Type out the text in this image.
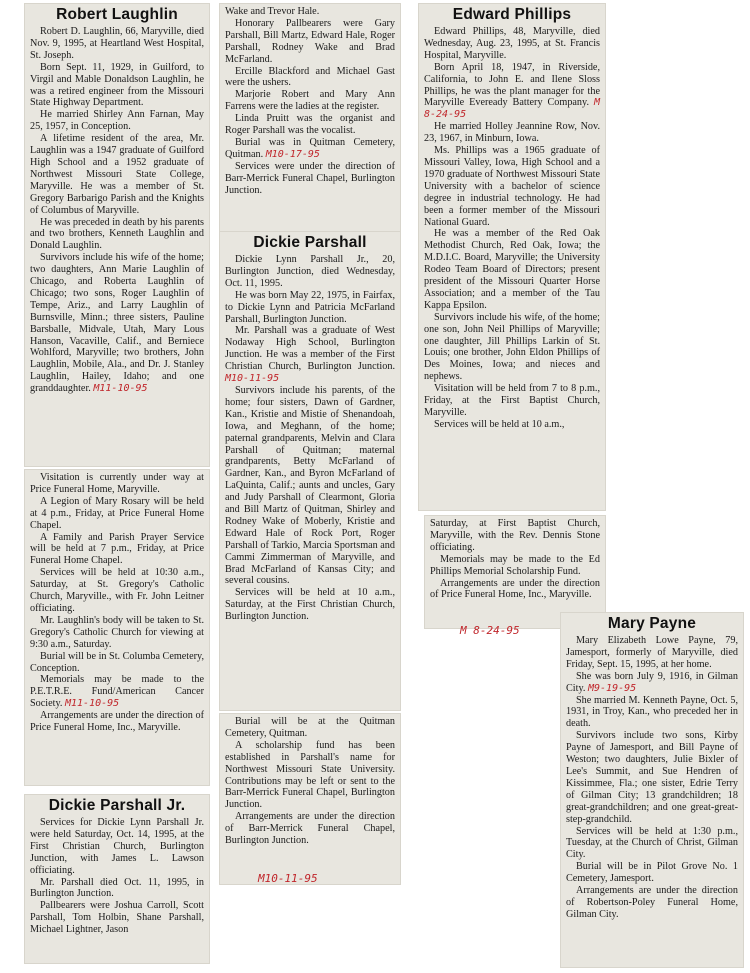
Robert Laughlin

Robert D. Laughlin, 66, Maryville, died Nov. 9, 1995, at Heartland West Hospital, St. Joseph.

Born Sept. 11, 1929, in Guilford, to Virgil and Mable Donaldson Laughlin, he was a retired engineer from the Missouri State Highway Department.

He married Shirley Ann Farnan, May 25, 1957, in Conception.

A lifetime resident of the area, Mr. Laughlin was a 1947 graduate of Guilford High School and a 1952 graduate of Northwest Missouri State College, Maryville. He was a member of St. Gregory Barbarigo Parish and the Knights of Columbus of Maryville.

He was preceded in death by his parents and two brothers, Kenneth Laughlin and Donald Laughlin.

Survivors include his wife of the home; two daughters, Ann Marie Laughlin of Chicago, and Roberta Laughlin of Chicago; two sons, Roger Laughlin of Tempe, Ariz., and Larry Laughlin of Burnsville, Minn.; three sisters, Pauline Barsballe, Midvale, Utah, Mary Lous Hanson, Vacaville, Calif., and Berniece Wohlford, Maryville; two brothers, John Laughlin, Mobile, Ala., and Dr. J. Stanley Laughlin, Hailey, Idaho; and one granddaughter. M11-10-95

Visitation is currently under way at Price Funeral Home, Maryville.

A Legion of Mary Rosary will be held at 4 p.m., Friday, at Price Funeral Home Chapel.

A Family and Parish Prayer Service will be held at 7 p.m., Friday, at Price Funeral Home Chapel.

Services will be held at 10:30 a.m., Saturday, at St. Gregory's Catholic Church, Maryville., with Fr. John Leitner officiating.

Mr. Laughlin's body will be taken to St. Gregory's Catholic Church for viewing at 9:30 a.m., Saturday.

Burial will be in St. Columba Cemetery, Conception.

Memorials may be made to the P.E.T.R.E. Fund/American Cancer Society. M11-10-95

Arrangements are under the direction of Price Funeral Home, Inc., Maryville.

Dickie Parshall Jr.

Services for Dickie Lynn Parshall Jr. were held Saturday, Oct. 14, 1995, at the First Christian Church, Burlington Junction, with James L. Lawson officiating.

Mr. Parshall died Oct. 11, 1995, in Burlington Junction.

Pallbearers were Joshua Carroll, Scott Parshall, Tom Holbin, Shane Parshall, Michael Lightner, Jason

Wake and Trevor Hale.

Honorary Pallbearers were Gary Parshall, Bill Martz, Edward Hale, Roger Parshall, Rodney Wake and Brad McFarland.

Ercille Blackford and Michael Gast were the ushers.

Marjorie Robert and Mary Ann Farrens were the ladies at the register.

Linda Pruitt was the organist and Roger Parshall was the vocalist.

Burial was in Quitman Cemetery, Quitman. M10-17-95

Services were under the direction of Barr-Merrick Funeral Chapel, Burlington Junction.

Dickie Parshall

Dickie Lynn Parshall Jr., 20, Burlington Junction, died Wednesday, Oct. 11, 1995.

He was born May 22, 1975, in Fairfax, to Dickie Lynn and Patricia McFarland Parshall, Burlington Junction.

Mr. Parshall was a graduate of West Nodaway High School, Burlington Junction. He was a member of the First Christian Church, Burlington Junction. M10-11-95

Survivors include his parents, of the home; four sisters, Dawn of Gardner, Kan., Kristie and Mistie of Shenandoah, Iowa, and Meghann, of the home; paternal grandparents, Melvin and Clara Parshall of Quitman; maternal grandparents, Betty McFarland of Gardner, Kan., and Byron McFarland of LaQuinta, Calif.; aunts and uncles, Gary and Judy Parshall of Clearmont, Gloria and Bill Martz of Quitman, Shirley and Rodney Wake of Moberly, Kristie and Edward Hale of Rock Port, Roger Parshall of Tarkio, Marcia Sportsman and Cammi Zimmerman of Maryville, and Brad McFarland of Kansas City; and several cousins.

Services will be held at 10 a.m., Saturday, at the First Christian Church, Burlington Junction.

Burial will be at the Quitman Cemetery, Quitman.

A scholarship fund has been established in Parshall's name for Northwest Missouri State University. Contributions may be left or sent to the Barr-Merrick Funeral Chapel, Burlington Junction.

Arrangements are under the direction of Barr-Merrick Funeral Chapel, Burlington Junction.

M10-11-95
Edward Phillips

Edward Phillips, 48, Maryville, died Wednesday, Aug. 23, 1995, at St. Francis Hospital, Maryville.

Born April 18, 1947, in Riverside, California, to John E. and Ilene Sloss Phillips, he was the plant manager for the Maryville Eveready Battery Company. M 8-24-95

He married Holley Jeannine Row, Nov. 23, 1967, in Minburn, Iowa.

Ms. Phillips was a 1965 graduate of Missouri Valley, Iowa, High School and a 1970 graduate of Northwest Missouri State University with a bachelor of science degree in industrial technology. He had been a former member of the Missouri National Guard.

He was a member of the Red Oak Methodist Church, Red Oak, Iowa; the M.D.I.C. Board, Maryville; the University Rodeo Team Board of Directors; present president of the Missouri Quarter Horse Association; and a member of the Tau Kappa Epsilon.

Survivors include his wife, of the home; one son, John Neil Phillips of Maryville; one daughter, Jill Phillips Larkin of St. Louis; one brother, John Eldon Phillips of Des Moines, Iowa; and nieces and nephews.

Visitation will be held from 7 to 8 p.m., Friday, at the First Baptist Church, Maryville.

Services will be held at 10 a.m.,

Saturday, at First Baptist Church, Maryville, with the Rev. Dennis Stone officiating.

Memorials may be made to the Ed Phillips Memorial Scholarship Fund.

Arrangements are under the direction of Price Funeral Home, Inc., Maryville.

M 8-24-95	Mary Payne

Mary Elizabeth Lowe Payne, 79, Jamesport, formerly of Maryville, died Friday, Sept. 15, 1995, at her home.

She was born July 9, 1916, in Gilman City. M9-19-95

She married M. Kenneth Payne, Oct. 5, 1931, in Troy, Kan., who preceded her in death.

Survivors include two sons, Kirby Payne of Jamesport, and Bill Payne of Weston; two daughters, Julie Bixler of Lee's Summit, and Sue Hendren of Kissimmee, Fla.; one sister, Edrie Terry of Gilman City; 13 grandchildren; 18 great-grandchildren; and one great-great-step-grandchild.

Services will be held at 1:30 p.m., Tuesday, at the Church of Christ, Gilman City.

Burial will be in Pilot Grove No. 1 Cemetery, Jamesport.

Arrangements are under the direction of Robertson-Poley Funeral Home, Gilman City.
